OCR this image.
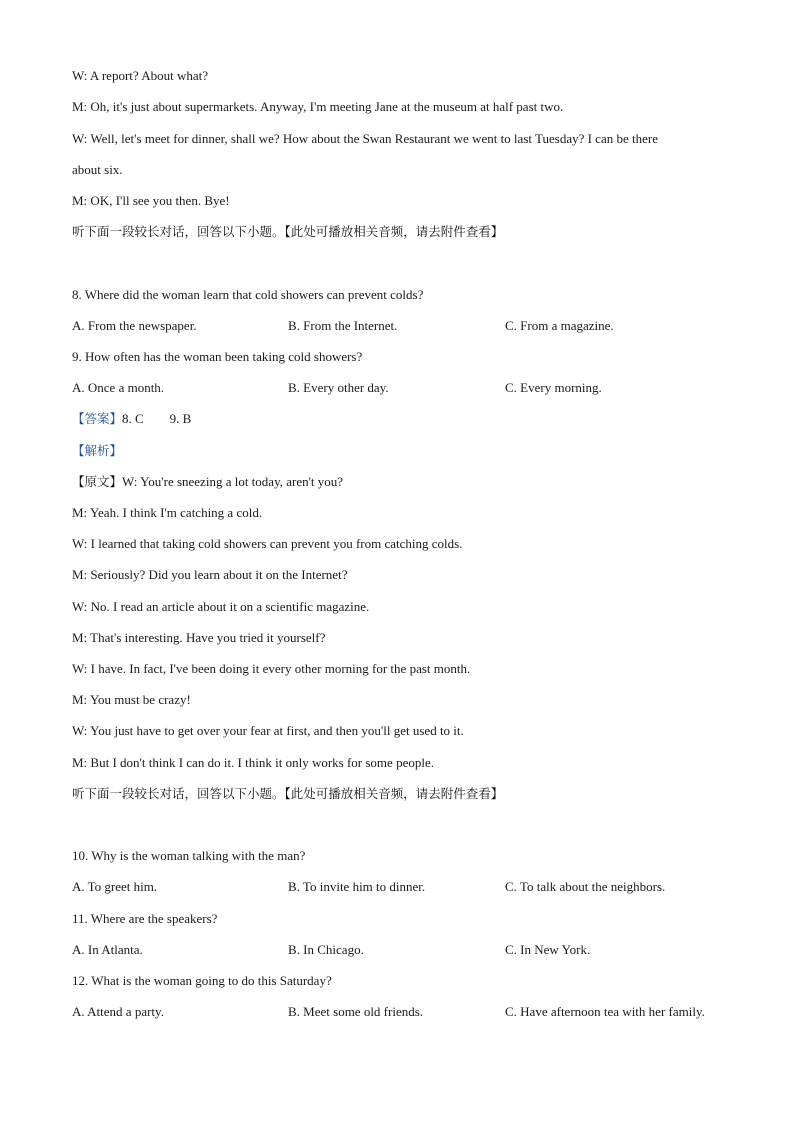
W: A report? About what?
M: Oh, it's just about supermarkets. Anyway, I'm meeting Jane at the museum at half past two.
W: Well, let's meet for dinner, shall we? How about the Swan Restaurant we went to last Tuesday? I can be there
about six.
M: OK, I'll see you then. Bye!
听下面一段较长对话，回答以下小题。【此处可播放相关音频，请去附件查看】
8. Where did the woman learn that cold showers can prevent colds?
A. From the newspaper.	B. From the Internet.	C. From a magazine.
9. How often has the woman been taking cold showers?
A. Once a month.	B. Every other day.	C. Every morning.
【答案】8. C        9. B
【解析】
【原文】W: You're sneezing a lot today, aren't you?
M: Yeah. I think I'm catching a cold.
W: I learned that taking cold showers can prevent you from catching colds.
M: Seriously? Did you learn about it on the Internet?
W: No. I read an article about it on a scientific magazine.
M: That's interesting. Have you tried it yourself?
W: I have. In fact, I've been doing it every other morning for the past month.
M: You must be crazy!
W: You just have to get over your fear at first, and then you'll get used to it.
M: But I don't think I can do it. I think it only works for some people.
听下面一段较长对话，回答以下小题。【此处可播放相关音频，请去附件查看】
10. Why is the woman talking with the man?
A. To greet him.	B. To invite him to dinner.	C. To talk about the neighbors.
11. Where are the speakers?
A. In Atlanta.	B. In Chicago.	C. In New York.
12. What is the woman going to do this Saturday?
A. Attend a party.	B. Meet some old friends.	C. Have afternoon tea with her family.
